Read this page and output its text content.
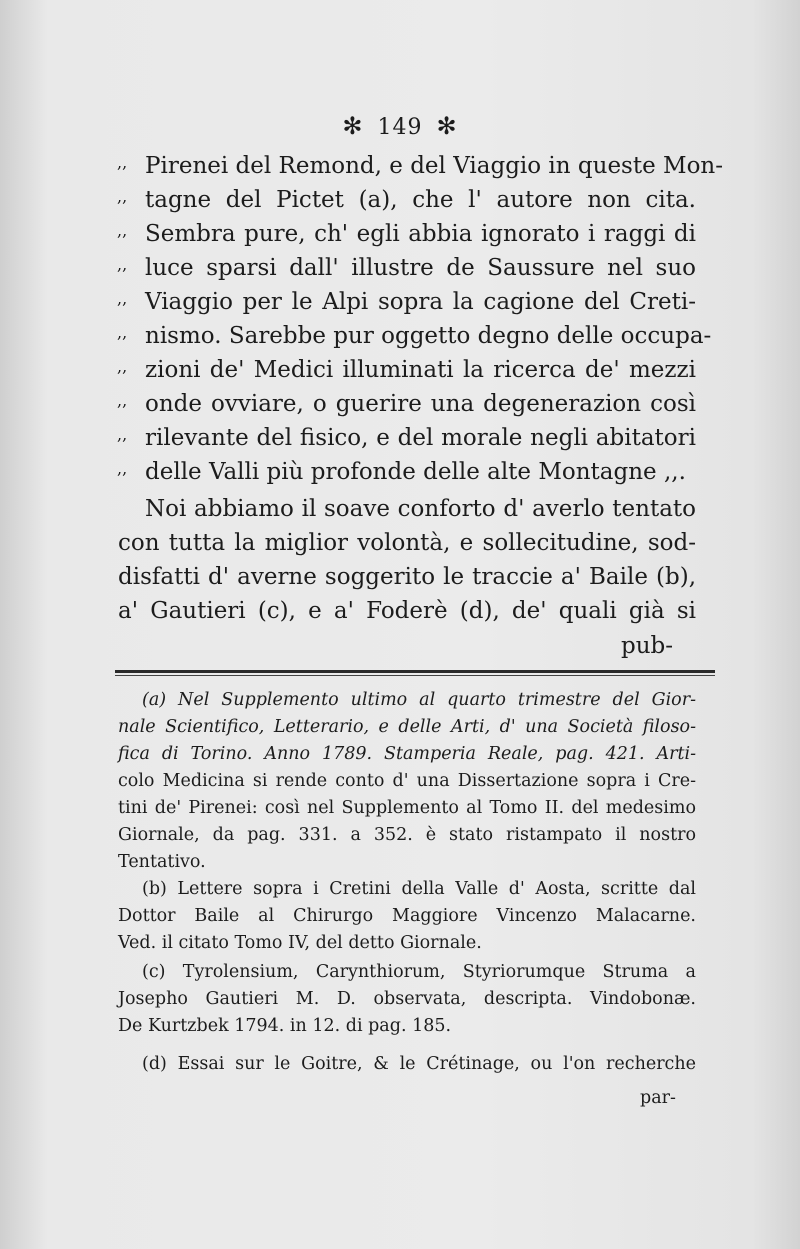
✻ 149 ✻
,, Pirenei del Remond, e del Viaggio in queste Mon-
,, tagne del Pictet (a), che l' autore non cita.
,, Sembra pure, ch' egli abbia ignorato i raggi di
,, luce sparsi dall' illustre de Saussure nel suo
,, Viaggio per le Alpi sopra la cagione del Creti-
,, nismo. Sarebbe pur oggetto degno delle occupa-
,, zioni de' Medici illuminati la ricerca de' mezzi
,, onde ovviare, o guerire una degenerazion così
,, rilevante del fisico, e del morale negli abitatori
,, delle Valli più profonde delle alte Montagne ,,.
Noi abbiamo il soave conforto d' averlo tentato
con tutta la miglior volontà, e sollecitudine, sod-
disfatti d' averne soggerito le traccie a' Baile (b),
a' Gautieri (c), e a' Foderè (d), de' quali già si
pub-
(a) Nel Supplemento ultimo al quarto trimestre del Gior-
nale Scientifico, Letterario, e delle Arti, d' una Società filoso-
fica di Torino. Anno 1789. Stamperia Reale, pag. 421. Arti-
colo Medicina si rende conto d' una Dissertazione sopra i Cre-
tini de' Pirenei: così nel Supplemento al Tomo II. del medesimo
Giornale, da pag. 331. a 352. è stato ristampato il nostro
Tentativo.
(b) Lettere sopra i Cretini della Valle d' Aosta, scritte dal
Dottor Baile al Chirurgo Maggiore Vincenzo Malacarne.
Ved. il citato Tomo IV, del detto Giornale.
(c) Tyrolensium, Carynthiorum, Styriorumque Struma a
Josepho Gautieri M. D. observata, descripta. Vindobonæ.
De Kurtzbek 1794. in 12. di pag. 185.
(d) Essai sur le Goitre, & le Crétinage, ou l'on recherche
par-
